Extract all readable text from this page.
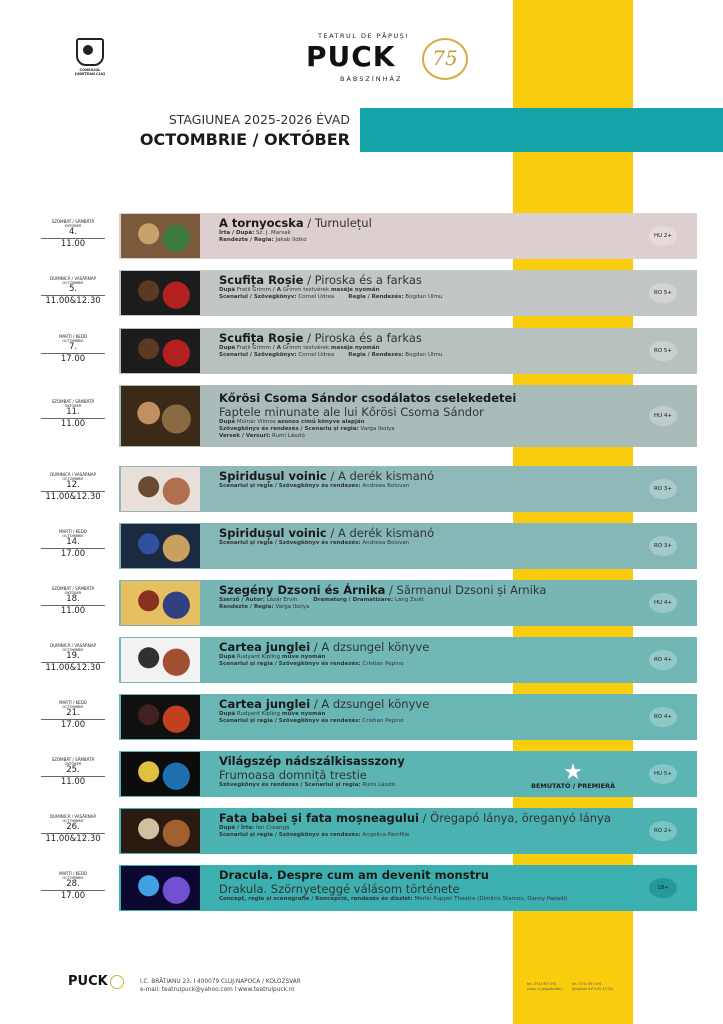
CONSILIUL JUDEȚEAN CLUJ
TEATRUL DE PĂPUȘI
PUCK
BÁBSZÍNHÁZ
75
STAGIUNEA 2025-2026 ÉVAD
OCTOMBRIE / OKTÓBER
SZOMBAT / SÂMBĂTĂ
OKTÓBER
4.
11.00
A tornyocska / Turnulețul
Írta / După: Sz. J. Marsak
Rendezte / Regia: Jakab Ildikó
HU 2+
DUMINICĂ / VASÁRNAP
OCTOMBRIE
5.
11.00&12.30
Scufița Roșie / Piroska és a farkas
După Frații Grimm / A Grimm testvérek meséje nyomán
Scenariul / Szövegkönyv: Cornel Udrea        Regia / Rendezés: Bogdan Ulmu
RO 5+
MARȚI / KEDD
OCTOMBRIE
7.
17.00
Scufița Roșie / Piroska és a farkas
După Frații Grimm / A Grimm testvérek meséje nyomán
Scenariul / Szövegkönyv: Cornel Udrea        Regia / Rendezés: Bogdan Ulmu
RO 5+
SZOMBAT / SÂMBĂTĂ
OKTÓBER
11.
11.00
Kőrösi Csoma Sándor csodálatos cselekedetei
Faptele minunate ale lui Kőrösi Csoma Sándor
După Molnár Vilmos azonos című könyve alapján
Szövegkönyv és rendezés / Scenariu și regia: Varga Ibolya
Versek / Versuri: Rumi László
HU 4+
DUMINICĂ / VASÁRNAP
OCTOMBRIE
12.
11.00&12.30
Spiridușul voinic / A derék kismanó
Scenariul și regia / Szövegkönyv és rendezés: Andreea Bolovan	RO 3+
MARȚI / KEDD
OCTOMBRIE
14.
17.00
Spiridușul voinic / A derék kismanó
Scenariul și regia / Szövegkönyv és rendezés: Andreea Bolovan	RO 3+
SZOMBAT / SÂMBĂTĂ
OKTÓBER
18.
11.00
Szegény Dzsoni és Árnika / Sărmanul Dzsoni și Arnika
Szerző / Autor: Lázár Ervin         Dramaturg / Dramatizare: Láng Zsolt
Rendezte / Regia: Varga Ibolya
HU 4+
DUMINICĂ / VASÁRNAP
OCTOMBRIE
19.
11.00&12.30
Cartea junglei / A dzsungel könyve
După Rudyard Kipling műve nyomán
Scenariul și regia / Szövegkönyv és rendezés: Cristian Pepino
RO 4+
MARȚI / KEDD
OCTOMBRIE
21.
17.00
Cartea junglei / A dzsungel könyve
După Rudyard Kipling műve nyomán
Scenariul și regia / Szövegkönyv és rendezés: Cristian Pepino
RO 4+
SZOMBAT / SÂMBĂTĂ
OKTÓBER
25.
11.00
Világszép nádszálkisasszony
Frumoasa domniță trestie
Szövegkönyv és rendezés / Scenariul și regia: Rumi László	★
BEMUTATÓ / PREMIERĂ
HU 5+
DUMINICĂ / VASÁRNAP
OCTOMBRIE
26.
11.00&12.30
Fata babei și fata moșneagului / Öregapó lánya, öreganyó lánya
După / Írta: Ion Creangă
Scenariul și regia / Szövegkönyv és rendezés: Angelica Pamfilie
RO 2+
MARȚI / KEDD
OCTOMBRIE
28.
17.00
Dracula. Despre cum am devenit monstru
Drakula. Szörnyeteggé válásom története
Concept, regie și scenografie / Koncepció, rendezés és díszlet: Merlin Puppet Theatre (Dimitris Stamou, Danny Papadi)
18+
PUCK	I.C. BRĂTIANU 23. I 400079 CLUJ-NAPOCA / KOLOZSVÁR
e-mail: teatrulpuck@yahoo.com I www.teatrulpuck.ro
tel.: 0741 657 591
(casa / a jegypénztár)
tel.: 0741 657 491
(program H-P 9.00-15.00)
